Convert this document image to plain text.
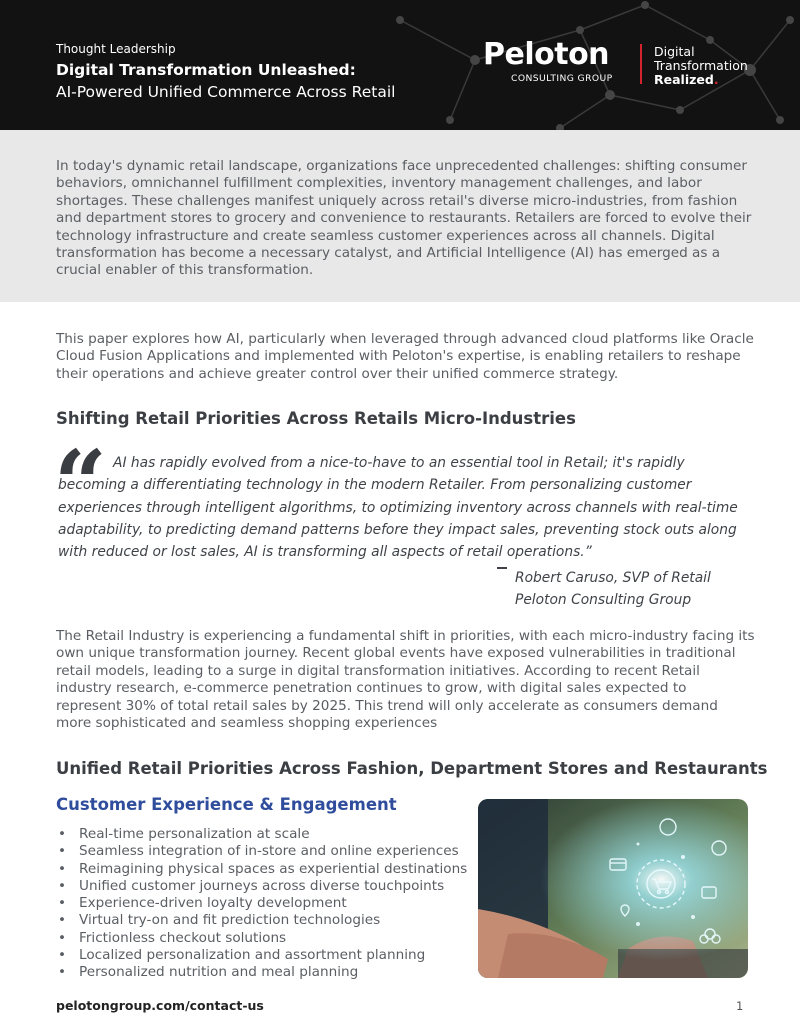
Thought Leadership
Digital Transformation Unleashed:
AI-Powered Unified Commerce Across Retail
Peloton
CONSULTING GROUP
Digital
Transformation
Realized.

In today's dynamic retail landscape, organizations face unprecedented challenges: shifting consumer behaviors, omnichannel fulfillment complexities, inventory management challenges, and labor shortages. These challenges manifest uniquely across retail's diverse micro-industries, from fashion and department stores to grocery and convenience to restaurants. Retailers are forced to evolve their technology infrastructure and create seamless customer experiences across all channels. Digital transformation has become a necessary catalyst, and Artificial Intelligence (AI) has emerged as a crucial enabler of this transformation.

This paper explores how AI, particularly when leveraged through advanced cloud platforms like Oracle Cloud Fusion Applications and implemented with Peloton's expertise, is enabling retailers to reshape their operations and achieve greater control over their unified commerce strategy.
Shifting Retail Priorities Across Retails Micro-Industries
“ AI has rapidly evolved from a nice-to-have to an essential tool in Retail; it's rapidly becoming a differentiating technology in the modern Retailer. From personalizing customer experiences through intelligent algorithms, to optimizing inventory across channels with real-time adaptability, to predicting demand patterns before they impact sales, preventing stock outs along with reduced or lost sales, AI is transforming all aspects of retail operations.”
Robert Caruso, SVP of Retail
Peloton Consulting Group
The Retail Industry is experiencing a fundamental shift in priorities, with each micro-industry facing its own unique transformation journey. Recent global events have exposed vulnerabilities in traditional retail models, leading to a surge in digital transformation initiatives. According to recent Retail industry research, e-commerce penetration continues to grow, with digital sales expected to represent 30% of total retail sales by 2025. This trend will only accelerate as consumers demand more sophisticated and seamless shopping experiences
Unified Retail Priorities Across Fashion, Department Stores and Restaurants
Customer Experience & Engagement
• Real-time personalization at scale
• Seamless integration of in-store and online experiences
• Reimagining physical spaces as experiential destinations
• Unified customer journeys across diverse touchpoints
• Experience-driven loyalty development
• Virtual try-on and fit prediction technologies
• Frictionless checkout solutions
• Localized personalization and assortment planning
• Personalized nutrition and meal planning
pelotongroup.com/contact-us	1
